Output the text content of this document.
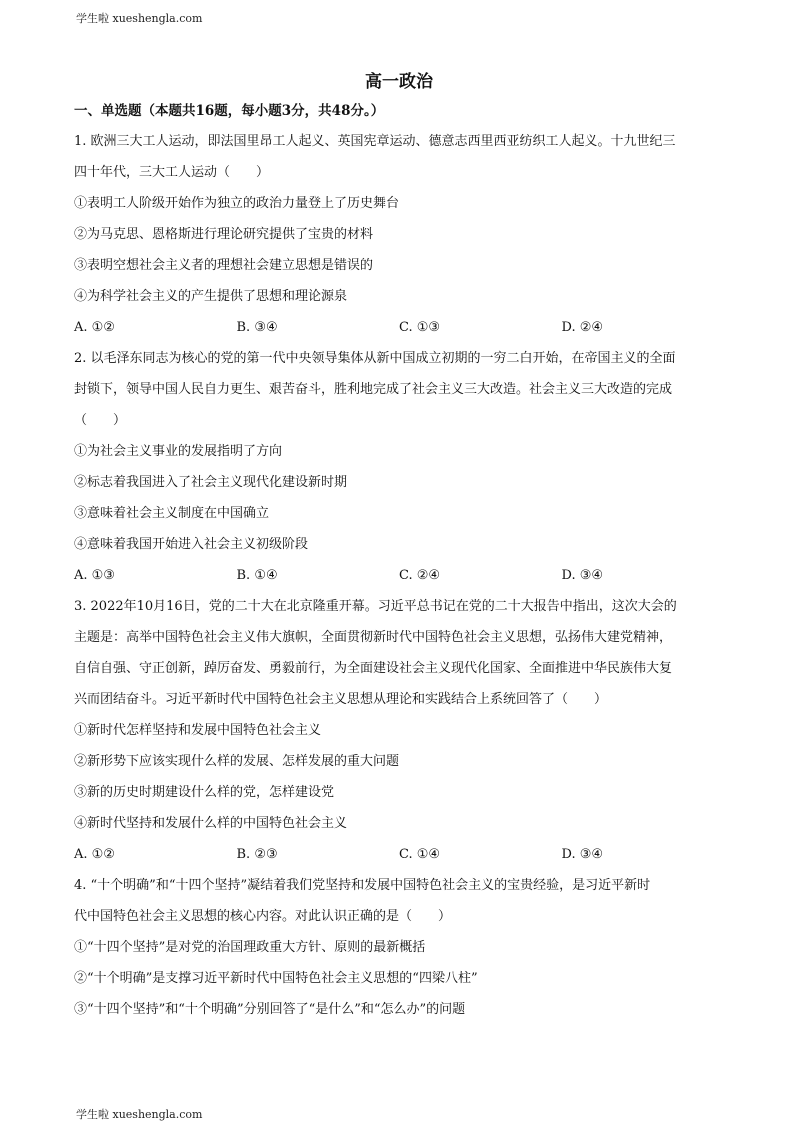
学生啦 xueshengla.com
高一政治
一、单选题（本题共16题，每小题3分，共48分。）
1. 欧洲三大工人运动，即法国里昂工人起义、英国宪章运动、德意志西里西亚纺织工人起义。十九世纪三
四十年代，三大工人运动（　　）
①表明工人阶级开始作为独立的政治力量登上了历史舞台
②为马克思、恩格斯进行理论研究提供了宝贵的材料
③表明空想社会主义者的理想社会建立思想是错误的
④为科学社会主义的产生提供了思想和理论源泉
A. ①②	B. ③④	C. ①③	D. ②④
2. 以毛泽东同志为核心的党的第一代中央领导集体从新中国成立初期的一穷二白开始，在帝国主义的全面
封锁下，领导中国人民自力更生、艰苦奋斗，胜利地完成了社会主义三大改造。社会主义三大改造的完成
（　　）
①为社会主义事业的发展指明了方向
②标志着我国进入了社会主义现代化建设新时期
③意味着社会主义制度在中国确立
④意味着我国开始进入社会主义初级阶段
A. ①③	B. ①④	C. ②④	D. ③④
3. 2022年10月16日，党的二十大在北京隆重开幕。习近平总书记在党的二十大报告中指出，这次大会的
主题是：高举中国特色社会主义伟大旗帜，全面贯彻新时代中国特色社会主义思想，弘扬伟大建党精神，
自信自强、守正创新，踔厉奋发、勇毅前行，为全面建设社会主义现代化国家、全面推进中华民族伟大复
兴而团结奋斗。习近平新时代中国特色社会主义思想从理论和实践结合上系统回答了（　　）
①新时代怎样坚持和发展中国特色社会主义
②新形势下应该实现什么样的发展、怎样发展的重大问题
③新的历史时期建设什么样的党，怎样建设党
④新时代坚持和发展什么样的中国特色社会主义
A. ①②	B. ②③	C. ①④	D. ③④
4. “十个明确”和“十四个坚持”凝结着我们党坚持和发展中国特色社会主义的宝贵经验，是习近平新时
代中国特色社会主义思想的核心内容。对此认识正确的是（　　）
①“十四个坚持”是对党的治国理政重大方针、原则的最新概括
②“十个明确”是支撑习近平新时代中国特色社会主义思想的“四梁八柱”
③“十四个坚持”和“十个明确”分别回答了“是什么”和“怎么办”的问题
学生啦 xueshengla.com
